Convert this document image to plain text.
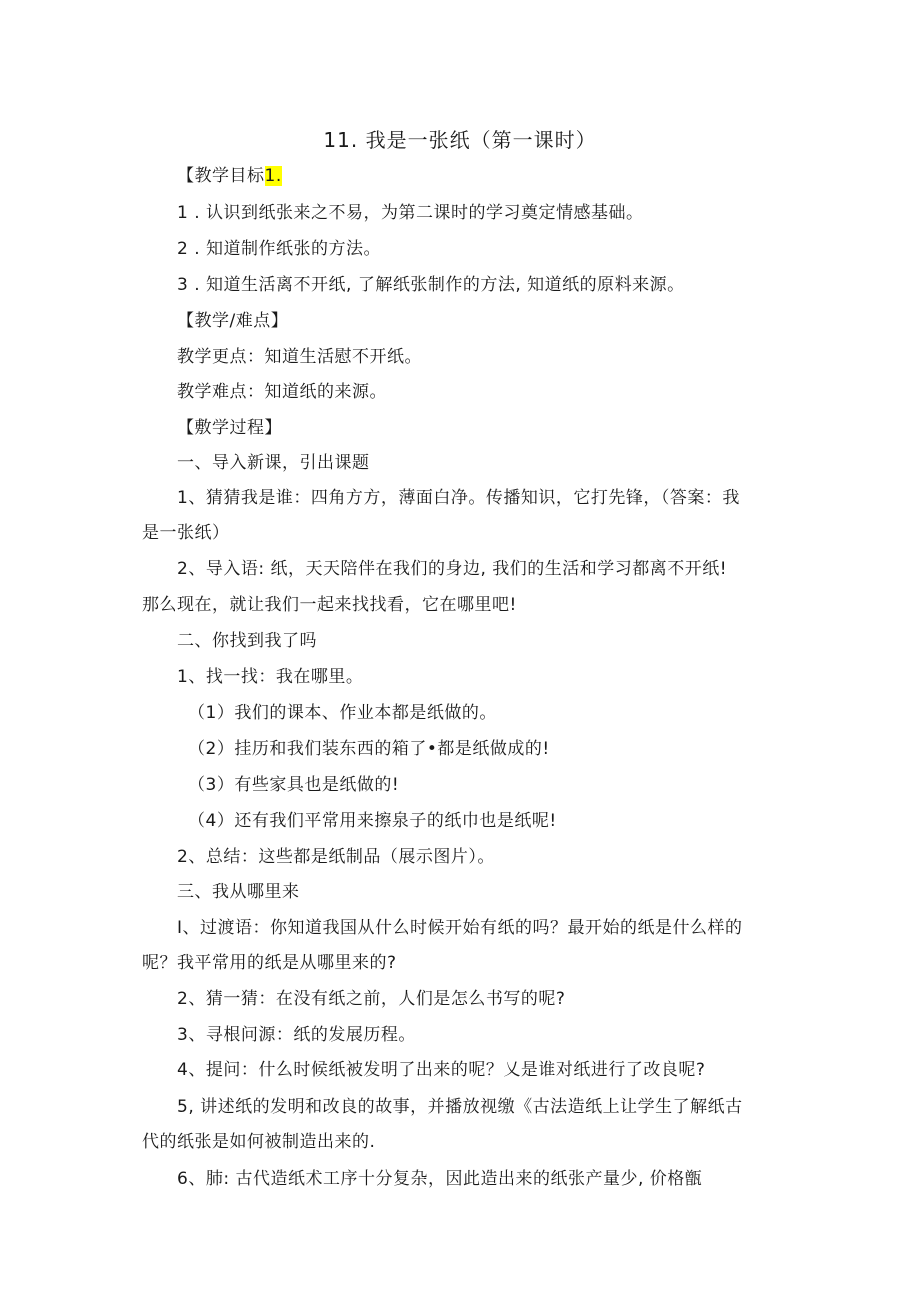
11. 我是一张纸（第一课时）
【教学目标1.
1 . 认识到纸张来之不易，为第二课时的学习奠定情感基础。
2 . 知道制作纸张的方法。
3 . 知道生活离不开纸, 了解纸张制作的方法, 知道纸的原料来源。
【教学/难点】
教学更点：知道生活慰不开纸。
教学难点：知道纸的来源。
【敷学过程】
一、导入新课，引出课题
1、猜猜我是谁：四角方方，薄面白净。传播知识，它打先锋，（答案：我
是一张纸）
2、导入语: 纸，天天陪伴在我们的身边, 我们的生活和学习都离不开纸!
那么现在，就让我们一起来找找看，它在哪里吧!
二、你找到我了吗
1、找一找：我在哪里。
（1）我们的课本、作业本都是纸做的。
（2）挂历和我们装东西的箱了•都是纸做成的!
（3）有些家具也是纸做的!
（4）还有我们平常用来擦泉子的纸巾也是纸呢!
2、总结：这些都是纸制品（展示图片）。
三、我从哪里来
I、过渡语：你知道我国从什么时候开始有纸的吗？最开始的纸是什么样的
呢？我平常用的纸是从哪里来的?
2、猜一猜：在没有纸之前，人们是怎么书写的呢?
3、寻根问源：纸的发展历程。
4、提问：什么时候纸被发明了出来的呢？乂是谁对纸进行了改良呢?
5, 讲述纸的发明和改良的故事，并播放视缴《古法造纸上让学生了解纸古
代的纸张是如何被制造出来的.
6、肺: 古代造纸术工序十分复杂，因此造出来的纸张产量少, 价格甑
